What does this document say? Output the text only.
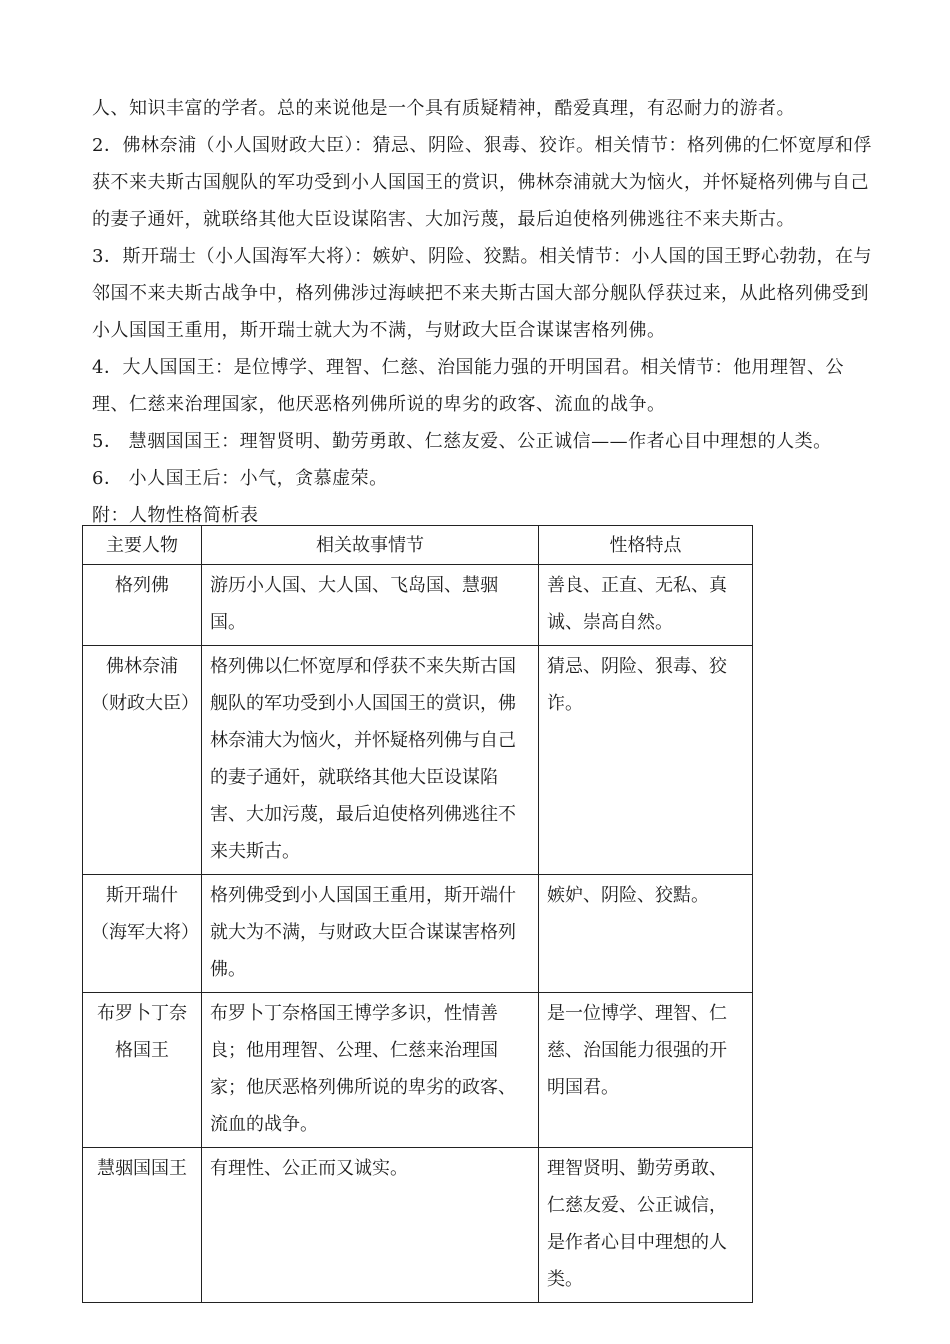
人、知识丰富的学者。总的来说他是一个具有质疑精神，酷爱真理，有忍耐力的游者。

2．佛林奈浦（小人国财政大臣）：猜忌、阴险、狠毒、狡诈。相关情节：格列佛的仁怀宽厚和俘获不来夫斯古国舰队的军功受到小人国国王的赏识，佛林奈浦就大为恼火，并怀疑格列佛与自己的妻子通奸，就联络其他大臣设谋陷害、大加污蔑，最后迫使格列佛逃往不来夫斯古。

3．斯开瑞士（小人国海军大将）：嫉妒、阴险、狡黠。相关情节：小人国的国王野心勃勃，在与邻国不来夫斯古战争中，格列佛涉过海峡把不来夫斯古国大部分舰队俘获过来，从此格列佛受到小人国国王重用，斯开瑞士就大为不满，与财政大臣合谋谋害格列佛。

4．大人国国王：是位博学、理智、仁慈、治国能力强的开明国君。相关情节：他用理智、公理、仁慈来治理国家，他厌恶格列佛所说的卑劣的政客、流血的战争。

5． 慧骃国国王：理智贤明、勤劳勇敢、仁慈友爱、公正诚信——作者心目中理想的人类。

6． 小人国王后：小气，贪慕虚荣。

附：人物性格简析表

主要人物	相关故事情节	性格特点
格列佛	游历小人国、大人国、飞岛国、慧骃国。	善良、正直、无私、真诚、崇高自然。
佛林奈浦（财政大臣）	格列佛以仁怀宽厚和俘获不来失斯古国舰队的军功受到小人国国王的赏识，佛林奈浦大为恼火，并怀疑格列佛与自己的妻子通奸，就联络其他大臣设谋陷害、大加污蔑，最后迫使格列佛逃往不来夫斯古。	猜忌、阴险、狠毒、狡诈。
斯开瑞什（海军大将）	格列佛受到小人国国王重用，斯开端什就大为不满，与财政大臣合谋谋害格列佛。	嫉妒、阴险、狡黠。
布罗卜丁奈格国王	布罗卜丁奈格国王博学多识，性情善良；他用理智、公理、仁慈来治理国家；他厌恶格列佛所说的卑劣的政客、流血的战争。	是一位博学、理智、仁慈、治国能力很强的开明国君。
慧骃国国王	有理性、公正而又诚实。	理智贤明、勤劳勇敢、仁慈友爱、公正诚信，是作者心目中理想的人类。
